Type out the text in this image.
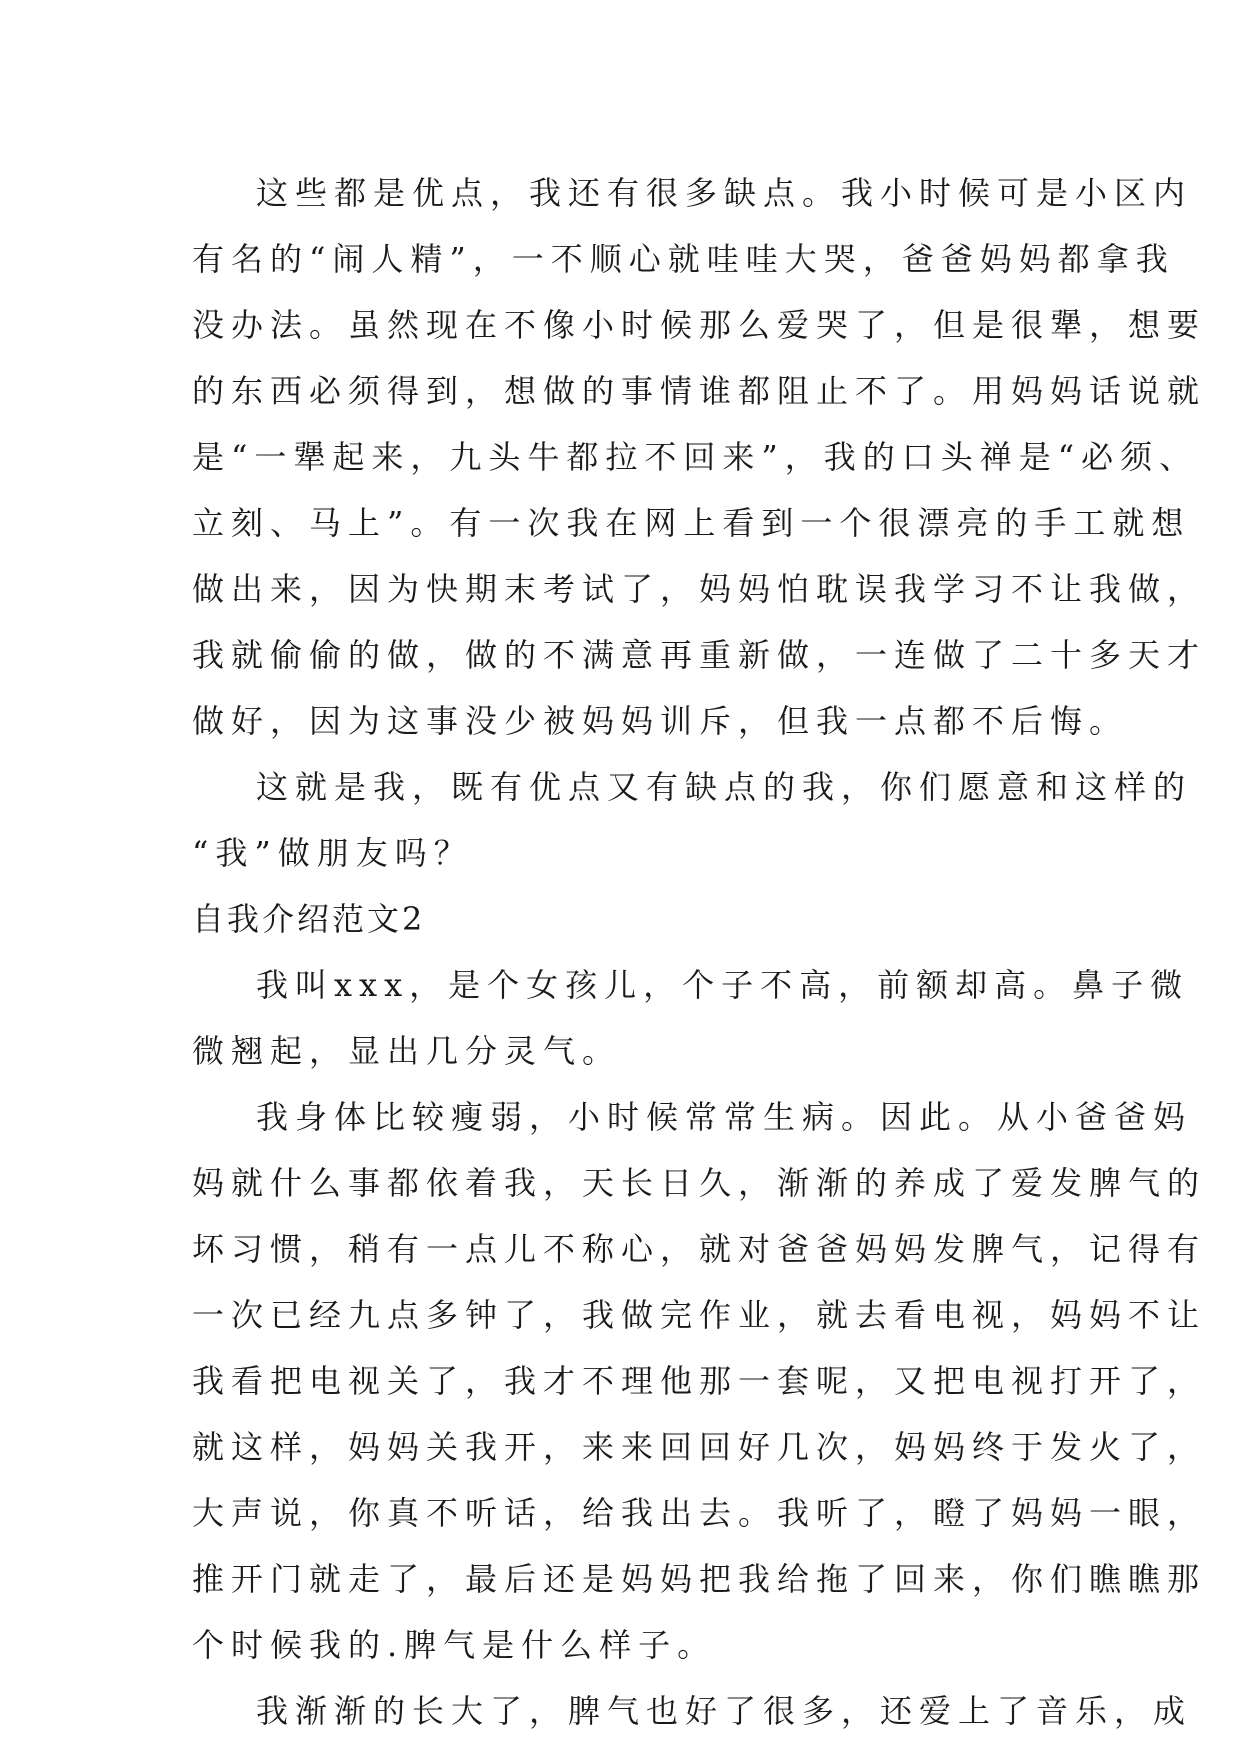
这些都是优点，我还有很多缺点。我小时候可是小区内
有名的“闹人精”，一不顺心就哇哇大哭，爸爸妈妈都拿我
没办法。虽然现在不像小时候那么爱哭了，但是很犟，想要
的东西必须得到，想做的事情谁都阻止不了。用妈妈话说就
是“一犟起来，九头牛都拉不回来”，我的口头禅是“必须、
立刻、马上”。有一次我在网上看到一个很漂亮的手工就想
做出来，因为快期末考试了，妈妈怕耽误我学习不让我做，
我就偷偷的做，做的不满意再重新做，一连做了二十多天才
做好，因为这事没少被妈妈训斥，但我一点都不后悔。
这就是我，既有优点又有缺点的我，你们愿意和这样的
“我”做朋友吗？
自我介绍范文2
我叫xxx，是个女孩儿，个子不高，前额却高。鼻子微
微翘起，显出几分灵气。
我身体比较瘦弱，小时候常常生病。因此。从小爸爸妈
妈就什么事都依着我，天长日久，渐渐的养成了爱发脾气的
坏习惯，稍有一点儿不称心，就对爸爸妈妈发脾气，记得有
一次已经九点多钟了，我做完作业，就去看电视，妈妈不让
我看把电视关了，我才不理他那一套呢，又把电视打开了，
就这样，妈妈关我开，来来回回好几次，妈妈终于发火了，
大声说，你真不听话，给我出去。我听了，瞪了妈妈一眼，
推开门就走了，最后还是妈妈把我给拖了回来，你们瞧瞧那
个时候我的.脾气是什么样子。
我渐渐的长大了，脾气也好了很多，还爱上了音乐，成
